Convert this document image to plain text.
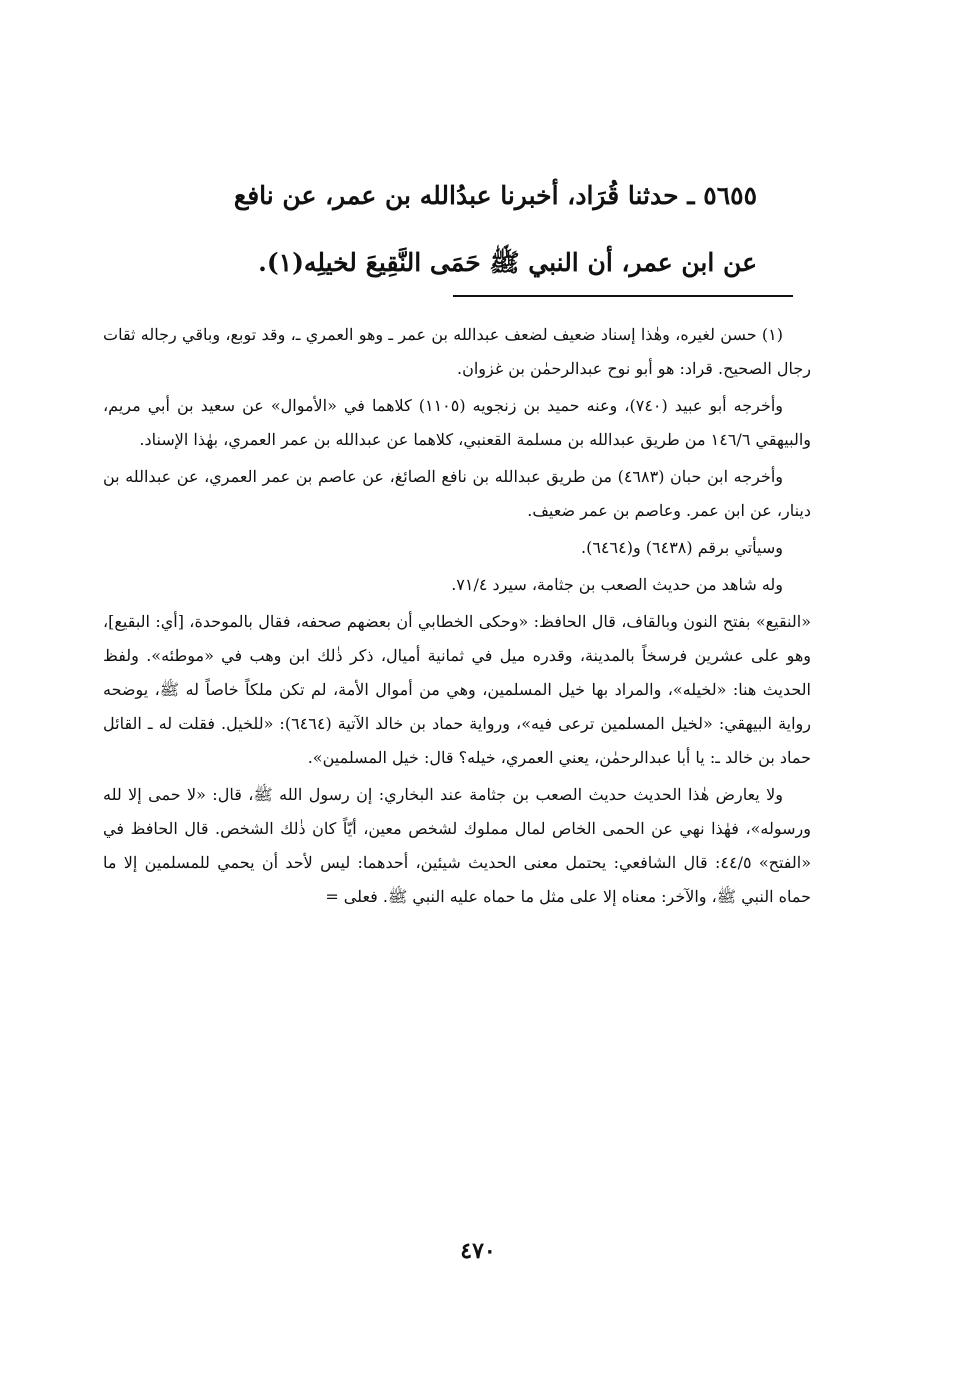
٥٦٥٥ ـ حدثنا قُرَاد، أخبرنا عبدُالله بن عمر، عن نافع
عن ابن عمر، أن النبي ﷺ حَمَى النَّقِيعَ لخيلِه(١).

(١) حسن لغيره، وهٰذا إسناد ضعيف لضعف عبدالله بن عمر ـ وهو العمري ـ، وقد توبع، وباقي رجاله ثقات رجال الصحيح. قراد: هو أبو نوح عبدالرحمٰن بن غزوان.

وأخرجه أبو عبيد (٧٤٠)، وعنه حميد بن زنجويه (١١٠٥) كلاهما في «الأموال» عن سعيد بن أبي مريم، والبيهقي ١٤٦/٦ من طريق عبدالله بن مسلمة القعنبي، كلاهما عن عبدالله بن عمر العمري، بهٰذا الإسناد.

وأخرجه ابن حبان (٤٦٨٣) من طريق عبدالله بن نافع الصائغ، عن عاصم بن عمر العمري، عن عبدالله بن دينار، عن ابن عمر. وعاصم بن عمر ضعيف.

وسيأتي برقم (٦٤٣٨) و(٦٤٦٤).

وله شاهد من حديث الصعب بن جثامة، سيرد ٧١/٤.

«النقيع» بفتح النون وبالقاف، قال الحافظ: «وحكى الخطابي أن بعضهم صحفه، فقال بالموحدة، [أي: البقيع]، وهو على عشرين فرسخاً بالمدينة، وقدره ميل في ثمانية أميال، ذكر ذٰلك ابن وهب في «موطئه». ولفظ الحديث هنا: «لخيله»، والمراد بها خيل المسلمين، وهي من أموال الأمة، لم تكن ملكاً خاصاً له ﷺ، يوضحه رواية البيهقي: «لخيل المسلمين ترعى فيه»، ورواية حماد بن خالد الآتية (٦٤٦٤): «للخيل. فقلت له ـ القائل حماد بن خالد ـ: يا أبا عبدالرحمٰن، يعني العمري، خيله؟ قال: خيل المسلمين».

ولا يعارض هٰذا الحديث حديث الصعب بن جثامة عند البخاري: إن رسول الله ﷺ، قال: «لا حمى إلا لله ورسوله»، فهٰذا نهي عن الحمى الخاص لمال مملوك لشخص معين، أيّاً كان ذٰلك الشخص. قال الحافظ في «الفتح» ٤٤/٥: قال الشافعي: يحتمل معنى الحديث شيئين، أحدهما: ليس لأحد أن يحمي للمسلمين إلا ما حماه النبي ﷺ، والآخر: معناه إلا على مثل ما حماه عليه النبي ﷺ. فعلى =

٤٧٠
